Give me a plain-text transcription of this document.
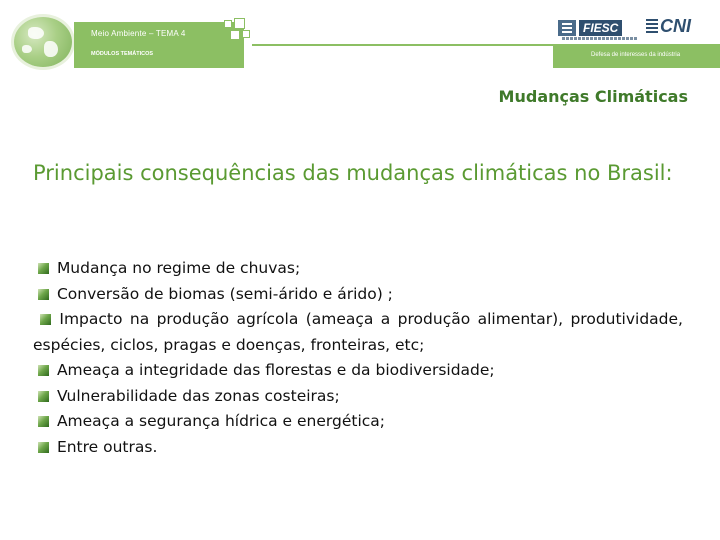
Meio Ambiente – TEMA 4
MÓDULOS TEMÁTICOS	Defesa de interesses da indústria
FIESC CNI
Mudanças Climáticas
Principais consequências das mudanças climáticas no Brasil:
Mudança no regime de chuvas;
Conversão de biomas (semi-árido e árido) ;
Impacto na produção agrícola (ameaça a produção alimentar), produtividade, espécies, ciclos, pragas e doenças, fronteiras, etc;
Ameaça a integridade das florestas e da biodiversidade;
Vulnerabilidade das zonas costeiras;
Ameaça a segurança hídrica e energética;
Entre outras.
